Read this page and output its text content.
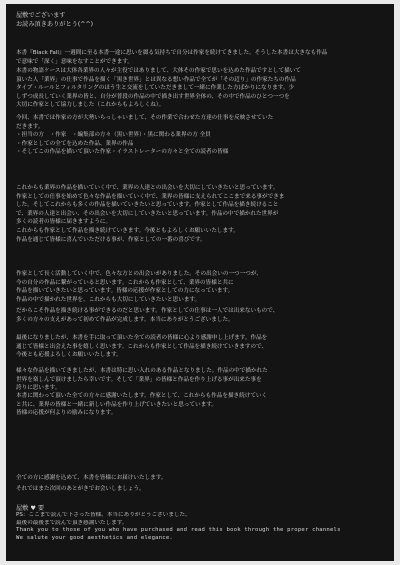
屋敷でございます
お読み頂きありがとう(^^)
本書『Black Fall』一週間に至る本書一途に思いを綴る気持ちで自分は作家を続けてきました。そうした本書は大きなも作品
で意味で「深く」意味をなすことができます。
本書の物語ケースは大体各業界の人々が主役ではありまして、大体その作家で思いを込めた作品ですとして描いて
頂いた人「業界」の仕事で作品を描く「黒き世界」とは異なる想い作品で全てが「その辺り」の作家たちの作品
タイプ・ルールとフィルタリングのほう生と交流をしていただきまして一緒に作業した方ばかりになります。少
しずつ成長していく業界の皆と、自分が普段の作品の中で描き出す世界全体の、その中で作品のひとつ一つを
大切に作家として協力しました（これからもよろしくね）。
今回、本書では作家の方が大勢いらっしゃいまして、その作業で合わせた方達の仕事を反映させていた
だきます。
・担当の方　・作家　・編集部の方々（黒い世界）・黒に関わる業界の方 全員
・作家としての全てを込めた作品、業界の作品
・そしてこの作品を描いて頂いた作家・イラストレーターの方々と全ての読者の皆様
これからも業界の作品を描いていく中で、業界の人達との出会いを大切にしていきたいと思っています。
作家としての仕事を始めて色々な作品を描いていく中で、業界の皆様に支えられてここまで来る事ができま
した。そしてこれからも多くの作品を描いていきたいと思っています。作家として作品を描き続けること
で、業界の人達と出会い、その出会いを大切にしていきたいと思っています。作品の中で描かれた世界が
多くの読者の皆様に届きますように。
これからも作家として作品を描き続けていきます。今後ともよろしくお願いいたします。
作品を通じて皆様に喜んでいただける事が、作家としての一番の喜びです。
作家として長く活動していく中で、色々な方との出会いがありました。その出会いの一つ一つが、
今の自分の作品に繋がっていると思います。これからも作家として、業界の皆様と共に
作品を描いていきたいと思っています。皆様の応援が作家としての力になっています。
作品の中で描かれた世界を、これからも大切にしていきたいと思います。
だからこそ作品を描き続ける事ができるのだと思います。作家としての仕事は一人では出来ないもので、
多くの方々の支えがあって初めて作品が完成します。本当にありがとうございました。
最後になりましたが、本書を手に取って頂いた全ての読者の皆様に心より感謝申し上げます。作品を
通じて皆様と出会えた事を嬉しく思います。これからも作家として作品を描き続けていきますので、
今後とも応援よろしくお願いいたします。
様々な作品を描いてきましたが、本書は特に思い入れのある作品となりました。作品の中で描かれた
世界を楽しんで頂けましたら幸いです。そして「業界」の皆様と作品を作り上げる事が出来た事を
誇りに思います。
本書に関わって頂いた全ての方々に感謝いたします。作家として、これからも作品を描き続けていく
と共に、業界の皆様と一緒に新しい作品を作り上げていきたいと思っています。
皆様の応援が何よりの励みになります。
全ての方に感謝を込めて、本書を皆様にお届けいたします。
それではまた次回のあとがきでお会いしましょう。
屋敷 ♥ 要
PS：ここまで読んで下さった皆様、本当にありがとうございました。
最後の最後まで読んで頂き感謝いたします。
Thank you to those of you who have purchased and read this book through the proper channels
We salute your good aesthetics and elegance.
